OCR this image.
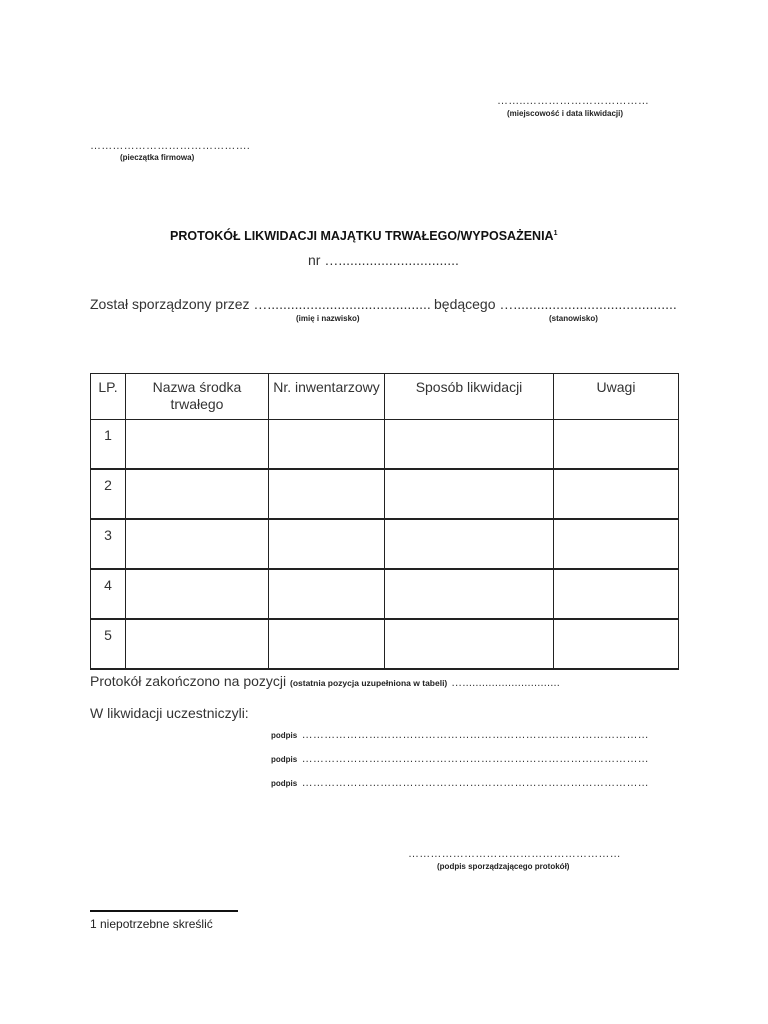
……..……………………………
(miejscowość i data likwidacji)
…………………………………….
(pieczątka firmowa)
PROTOKÓŁ LIKWIDACJI MAJĄTKU TRWAŁEGO/WYPOSAŻENIA$^1$
nr …...............................
Został sporządzony przez …..........................................
(imię i nazwisko)
będącego …..........................................
(stanowisko)
LP.	Nazwa środka trwałego	Nr. inwentarzowy	Sposób likwidacji	Uwagi
1				
2				
3				
4				
5				
Protokół zakończono na pozycji (ostatnia pozycja uzupełniona w tabeli) …..............................
W likwidacji uczestniczyli:
podpis …………………………………………………………………………………
podpis …………………………………………………………………………………
podpis …………………………………………………………………………………
…………………………………………………
(podpis sporządzającego protokół)
1 niepotrzebne skreślić
